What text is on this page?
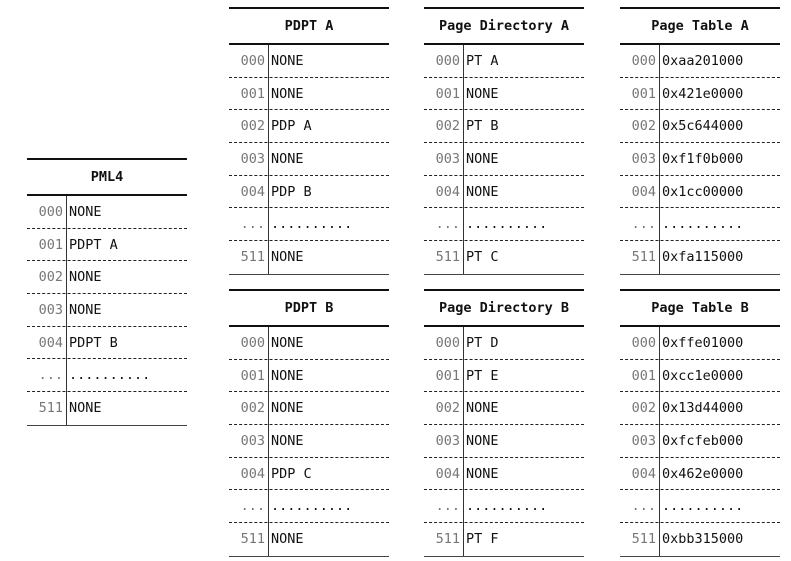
PML4
000 NONE
001 PDPT A
002 NONE
003 NONE
004 PDPT B
... ..........
511 NONE
PDPT A
000 NONE
001 NONE
002 PDP A
003 NONE
004 PDP B
... ..........
511 NONE
Page Directory A
000 PT A
001 NONE
002 PT B
003 NONE
004 NONE
... ..........
511 PT C
Page Table A
000 0xaa201000
001 0x421e0000
002 0x5c644000
003 0xf1f0b000
004 0x1cc00000
... ..........
511 0xfa115000
PDPT B
000 NONE
001 NONE
002 NONE
003 NONE
004 PDP C
... ..........
511 NONE
Page Directory B
000 PT D
001 PT E
002 NONE
003 NONE
004 NONE
... ..........
511 PT F
Page Table B
000 0xffe01000
001 0xcc1e0000
002 0x13d44000
003 0xfcfeb000
004 0x462e0000
... ..........
511 0xbb315000
